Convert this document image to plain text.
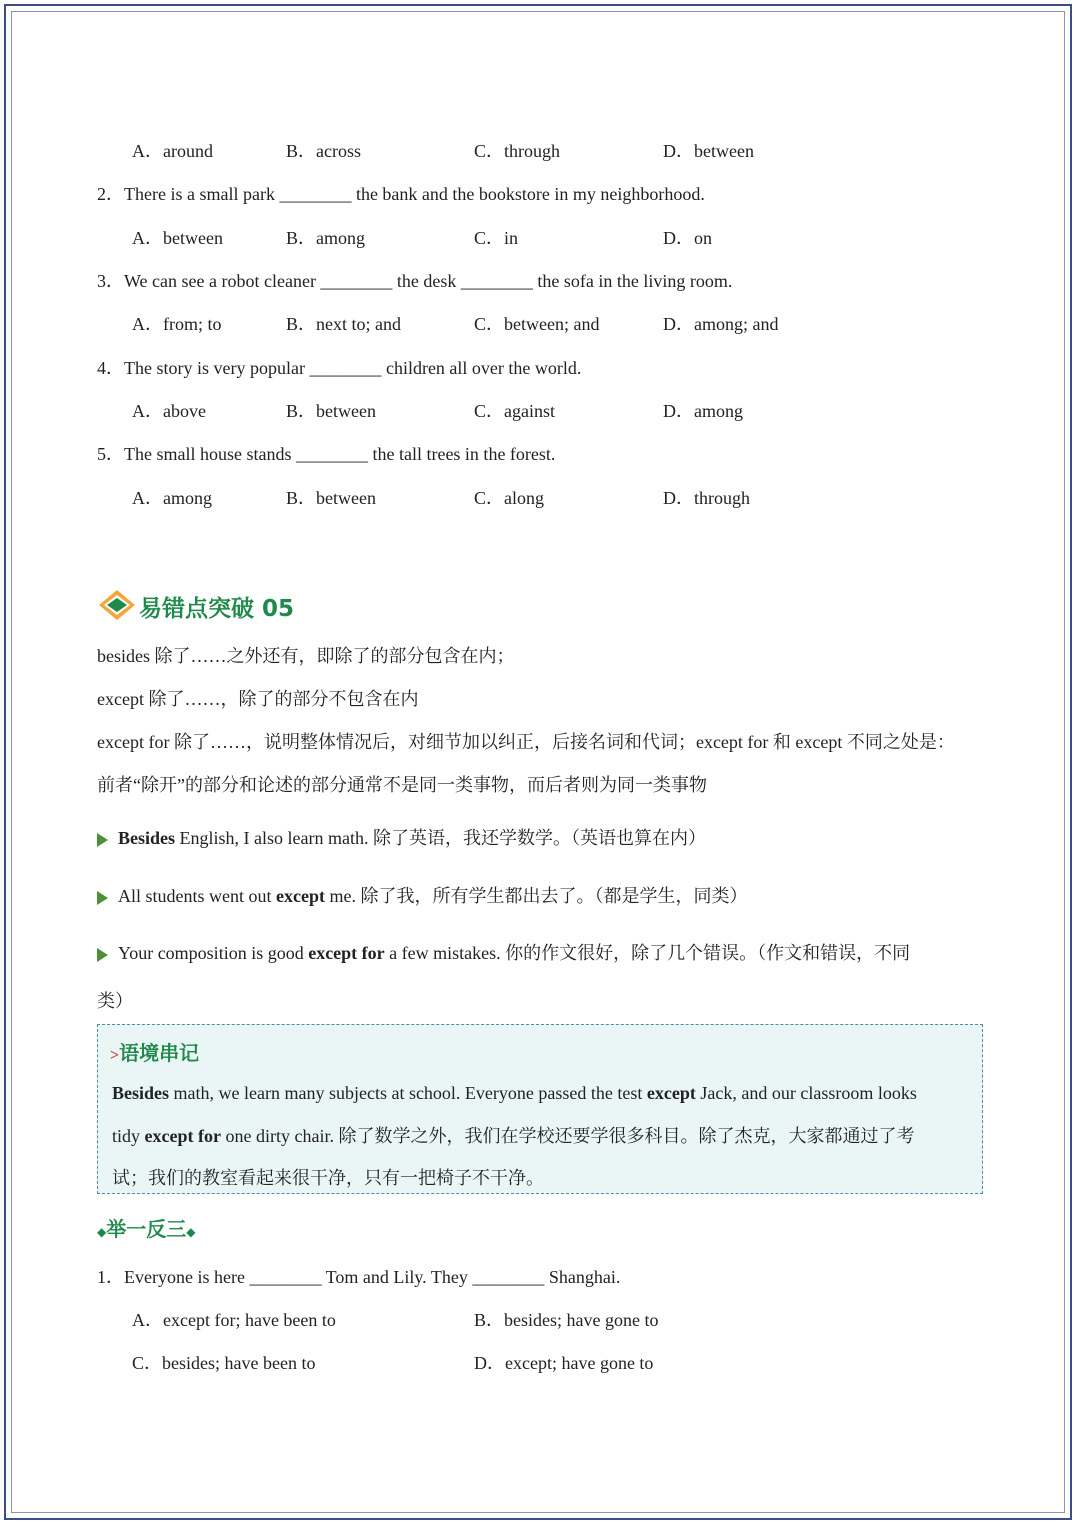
A．around	B．across	C．through	D．between
2．There is a small park ________ the bank and the bookstore in my neighborhood.
A．between	B．among	C．in	D．on
3．We can see a robot cleaner ________ the desk ________ the sofa in the living room.
A．from; to	B．next to; and	C．between; and	D．among; and
4．The story is very popular ________ children all over the world.
A．above	B．between	C．against	D．among
5．The small house stands ________ the tall trees in the forest.
A．among	B．between	C．along	D．through
易错点突破 05
besides 除了……之外还有，即除了的部分包含在内；
except 除了……，除了的部分不包含在内
except for 除了……，说明整体情况后，对细节加以纠正，后接名词和代词；except for 和 except 不同之处是：
前者“除开”的部分和论述的部分通常不是同一类事物，而后者则为同一类事物
Besides English, I also learn math. 除了英语，我还学数学。（英语也算在内）
All students went out except me. 除了我，所有学生都出去了。（都是学生，同类）
Your composition is good except for a few mistakes. 你的作文很好，除了几个错误。（作文和错误，不同
类）
>语境串记
Besides math, we learn many subjects at school. Everyone passed the test except Jack, and our classroom looks
tidy except for one dirty chair. 除了数学之外，我们在学校还要学很多科目。除了杰克，大家都通过了考
试；我们的教室看起来很干净，只有一把椅子不干净。
◆举一反三◆
1．Everyone is here ________ Tom and Lily. They ________ Shanghai.
A．except for; have been to	B．besides; have gone to
C．besides; have been to	D．except; have gone to
